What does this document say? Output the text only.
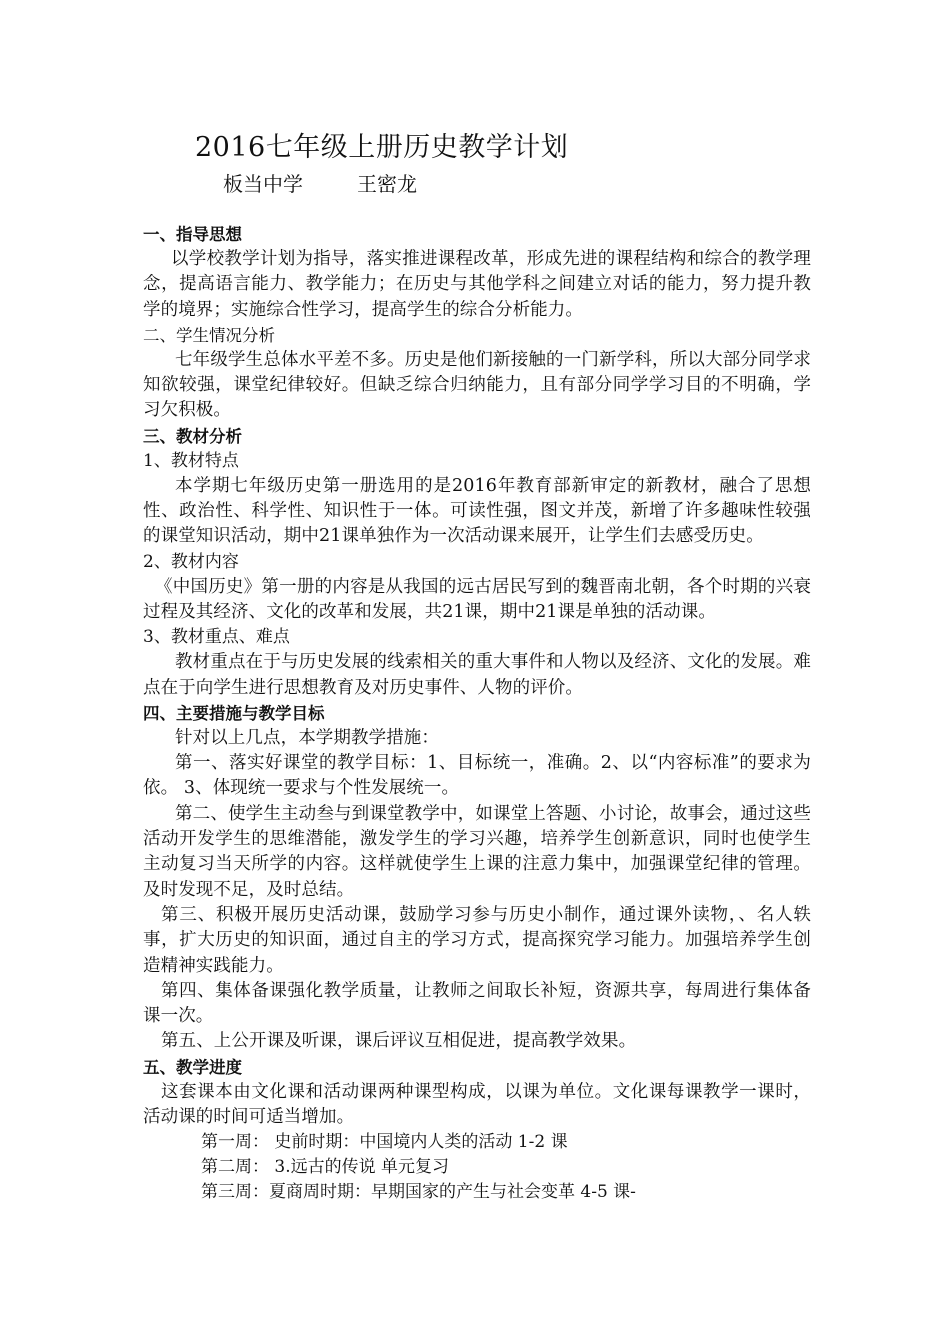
2016七年级上册历史教学计划
板当中学	王密龙
一、指导思想

以学校教学计划为指导，落实推进课程改革，形成先进的课程结构和综合的教学理念，提高语言能力、教学能力；在历史与其他学科之间建立对话的能力，努力提升教学的境界；实施综合性学习，提高学生的综合分析能力。

二、学生情况分析

七年级学生总体水平差不多。历史是他们新接触的一门新学科，所以大部分同学求知欲较强，课堂纪律较好。但缺乏综合归纳能力，且有部分同学学习目的不明确，学习欠积极。

三、教材分析
1、教材特点

本学期七年级历史第一册选用的是2016年教育部新审定的新教材，融合了思想性、政治性、科学性、知识性于一体。可读性强，图文并茂，新增了许多趣味性较强的课堂知识活动，期中21课单独作为一次活动课来展开，让学生们去感受历史。

2、教材内容

《中国历史》第一册的内容是从我国的远古居民写到的魏晋南北朝，各个时期的兴衰过程及其经济、文化的改革和发展，共21课，期中21课是单独的活动课。

3、教材重点、难点

教材重点在于与历史发展的线索相关的重大事件和人物以及经济、文化的发展。难点在于向学生进行思想教育及对历史事件、人物的评价。

四、主要措施与教学目标

针对以上几点，本学期教学措施：

第一、落实好课堂的教学目标：1、目标统一，准确。2、以“内容标准”的要求为依。 3、体现统一要求与个性发展统一。

第二、使学生主动叁与到课堂教学中，如课堂上答题、小讨论，故事会，通过这些活动开发学生的思维潜能，激发学生的学习兴趣，培养学生创新意识，同时也使学生主动复习当天所学的内容。这样就使学生上课的注意力集中，加强课堂纪律的管理。及时发现不足，及时总结。

第三、积极开展历史活动课，鼓励学习参与历史小制作，通过课外读物，、名人轶事，扩大历史的知识面，通过自主的学习方式，提高探究学习能力。加强培养学生创造精神实践能力。

第四、集体备课强化教学质量，让教师之间取长补短，资源共享，每周进行集体备课一次。

第五、上公开课及听课，课后评议互相促进，提高教学效果。

五、教学进度

这套课本由文化课和活动课两种课型构成，以课为单位。文化课每课教学一课时，活动课的时间可适当增加。

第一周： 史前时期：中国境内人类的活动 1-2 课
第二周： 3.远古的传说 单元复习
第三周：夏商周时期：早期国家的产生与社会变革 4-5 课-
